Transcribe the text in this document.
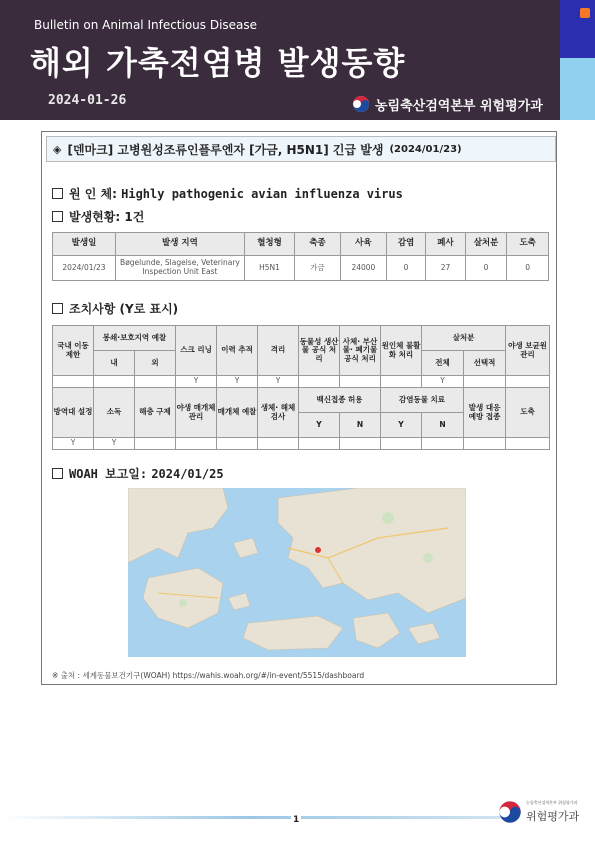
Bulletin on Animal Infectious Disease
해외 가축전염병 발생동향
2024-01-26	농림축산검역본부 위험평가과
◈ [덴마크] 고병원성조류인플루엔자 [가금, H5N1] 긴급 발생 (2024/01/23)
원 인 체:
Highly pathogenic avian influenza virus
발생현황:
1건
발생일	발생 지역	혈청형	축종	사육	감염	폐사	살처분	도축
2024/01/23	Bøgelunde, Slagelse, Veterinary Inspection Unit East	H5N1	가금	24000	0	27	0	0
조치사항 (Y로 표시)
국내 이동 제한	봉쇄·보호지역 예찰		스크 리닝	이력 추적	격리	동물성 생산물 공식 처리	사체· 부산물· 폐기물 공식 처리	원인체 불활화 처리	살처분		야생 보균원 관리
	내	외							전체	선택적	
			Y	Y	Y				Y		
방역대 설정	소독	해충 구제	야생 매개체 관리	매개체 예찰	생체· 해체 검사	백신접종 허용		감염동물 치료		발생 대응 예방 접종	도축
						Y	N	Y	N		
Y	Y										
WOAH 보고일:
2024/01/25
※ 출처 : 세계동물보건기구(WOAH) https://wahis.woah.org/#/in-event/5515/dashboard
1
농림축산검역본부 위험평가과
위험평가과
